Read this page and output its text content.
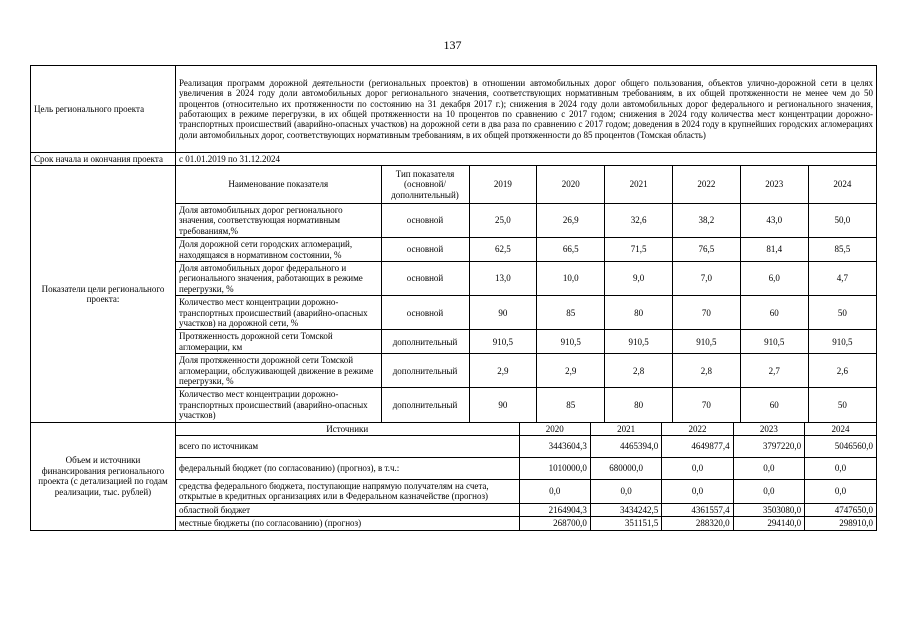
137
Цель регионального проекта	Реализация программ дорожной деятельности (региональных проектов) в отношении автомобильных дорог общего пользования, объектов улично-дорожной сети в целях увеличения в 2024 году доли автомобильных дорог регионального значения, соответствующих нормативным требованиям, в их общей протяженности не менее чем до 50 процентов (относительно их протяженности по состоянию на 31 декабря 2017 г.); снижения в 2024 году доли автомобильных дорог федерального и регионального значения, работающих в режиме перегрузки, в их общей протяженности на 10 процентов по сравнению с 2017 годом; снижения в 2024 году количества мест концентрации дорожно-транспортных происшествий (аварийно-опасных участков) на дорожной сети в два раза по сравнению с 2017 годом; доведения в 2024 году в крупнейших городских агломерациях доли автомобильных дорог, соответствующих нормативным требованиям, в их общей протяженности до 85 процентов (Томская область)
Срок начала и окончания проекта	с 01.01.2019 по 31.12.2024
Показатели цели регионального проекта:	
Наименование показателя	Тип показателя (основной/дополнительный)	2019	2020	2021	2022	2023	2024
Доля автомобильных дорог регионального значения, соответствующая нормативным требованиям,%	основной	25,0	26,9	32,6	38,2	43,0	50,0
Доля дорожной сети городских агломераций, находящаяся в нормативном состоянии, %	основной	62,5	66,5	71,5	76,5	81,4	85,5
Доля автомобильных дорог федерального и регионального значения, работающих в режиме перегрузки, %	основной	13,0	10,0	9,0	7,0	6,0	4,7
Количество мест концентрации дорожно-транспортных происшествий (аварийно-опасных участков) на дорожной сети, %	основной	90	85	80	70	60	50
Протяженность дорожной сети Томской агломерации, км	дополнительный	910,5	910,5	910,5	910,5	910,5	910,5
Доля протяженности дорожной сети Томской агломерации, обслуживающей движение в режиме перегрузки, %	дополнительный	2,9	2,9	2,8	2,8	2,7	2,6
Количество мест концентрации дорожно-транспортных происшествий (аварийно-опасных участков)	дополнительный	90	85	80	70	60	50

Объем и источники финансирования регионального проекта (с детализацией по годам реализации, тыс. рублей)	
Источники	2020	2021	2022	2023	2024
всего по источникам	3443604,3	4465394,0	4649877,4	3797220,0	5046560,0
федеральный бюджет (по согласованию) (прогноз), в т.ч.:	1010000,0	680000,0	0,0	0,0	0,0
средства федерального бюджета, поступающие напрямую получателям на счета, открытые в кредитных организациях или в Федеральном казначействе (прогноз)	0,0	0,0	0,0	0,0	0,0
областной бюджет	2164904,3	3434242,5	4361557,4	3503080,0	4747650,0
местные бюджеты (по согласованию) (прогноз)	268700,0	351151,5	288320,0	294140,0	298910,0
